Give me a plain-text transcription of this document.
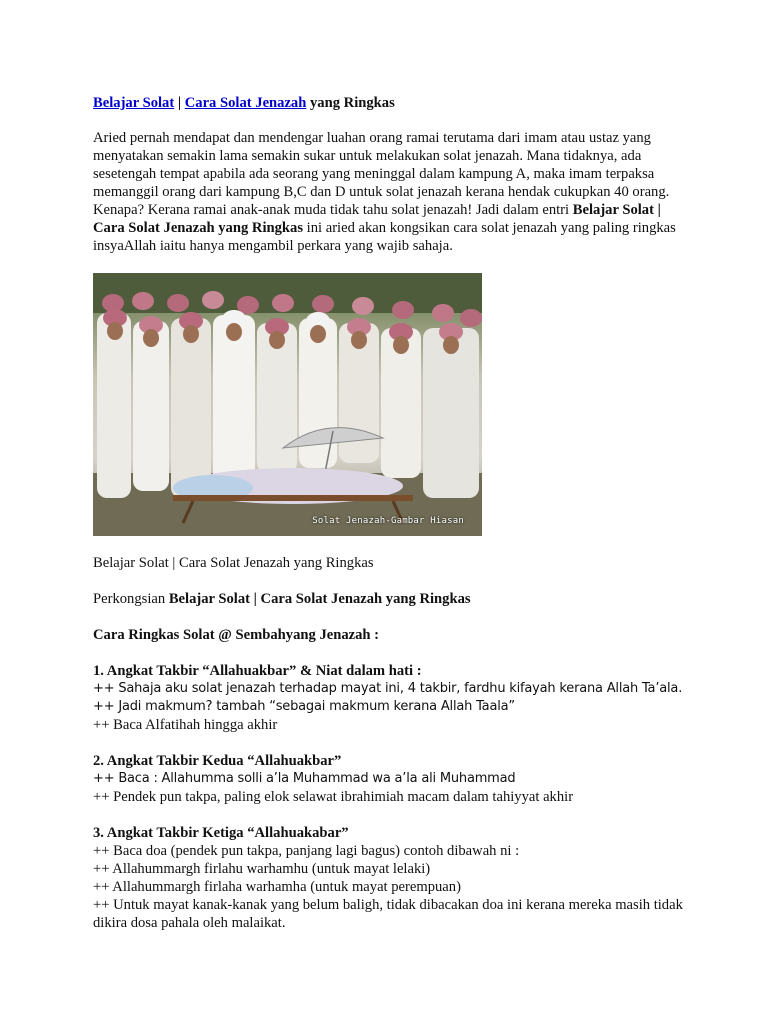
Belajar Solat | Cara Solat Jenazah yang Ringkas

Aried pernah mendapat dan mendengar luahan orang ramai terutama dari imam atau ustaz yang menyatakan semakin lama semakin sukar untuk melakukan solat jenazah. Mana tidaknya, ada sesetengah tempat apabila ada seorang yang meninggal dalam kampung A, maka imam terpaksa memanggil orang dari kampung B,C dan D untuk solat jenazah kerana hendak cukupkan 40 orang. Kenapa? Kerana ramai anak-anak muda tidak tahu solat jenazah! Jadi dalam entri Belajar Solat | Cara Solat Jenazah yang Ringkas ini aried akan kongsikan cara solat jenazah yang paling ringkas insyaAllah iaitu hanya mengambil perkara yang wajib sahaja.

Solat Jenazah-Gambar Hiasan

Belajar Solat | Cara Solat Jenazah yang Ringkas

Perkongsian Belajar Solat | Cara Solat Jenazah yang Ringkas

Cara Ringkas Solat @ Sembahyang Jenazah :

1. Angkat Takbir “Allahuakbar” & Niat dalam hati :

++ Sahaja aku solat jenazah terhadap mayat ini, 4 takbir, fardhu kifayah kerana Allah Ta’ala.

++ Jadi makmum? tambah “sebagai makmum kerana Allah Taala”

++ Baca Alfatihah hingga akhir

2. Angkat Takbir Kedua “Allahuakbar”

++ Baca : Allahumma solli a’la Muhammad wa a’la ali Muhammad

++ Pendek pun takpa, paling elok selawat ibrahimiah macam dalam tahiyyat akhir

3. Angkat Takbir Ketiga “Allahuakabar”

++ Baca doa (pendek pun takpa, panjang lagi bagus) contoh dibawah ni :

++ Allahummargh firlahu warhamhu (untuk mayat lelaki)

++ Allahummargh firlaha warhamha (untuk mayat perempuan)

++ Untuk mayat kanak-kanak yang belum baligh, tidak dibacakan doa ini kerana mereka masih tidak dikira dosa pahala oleh malaikat.
